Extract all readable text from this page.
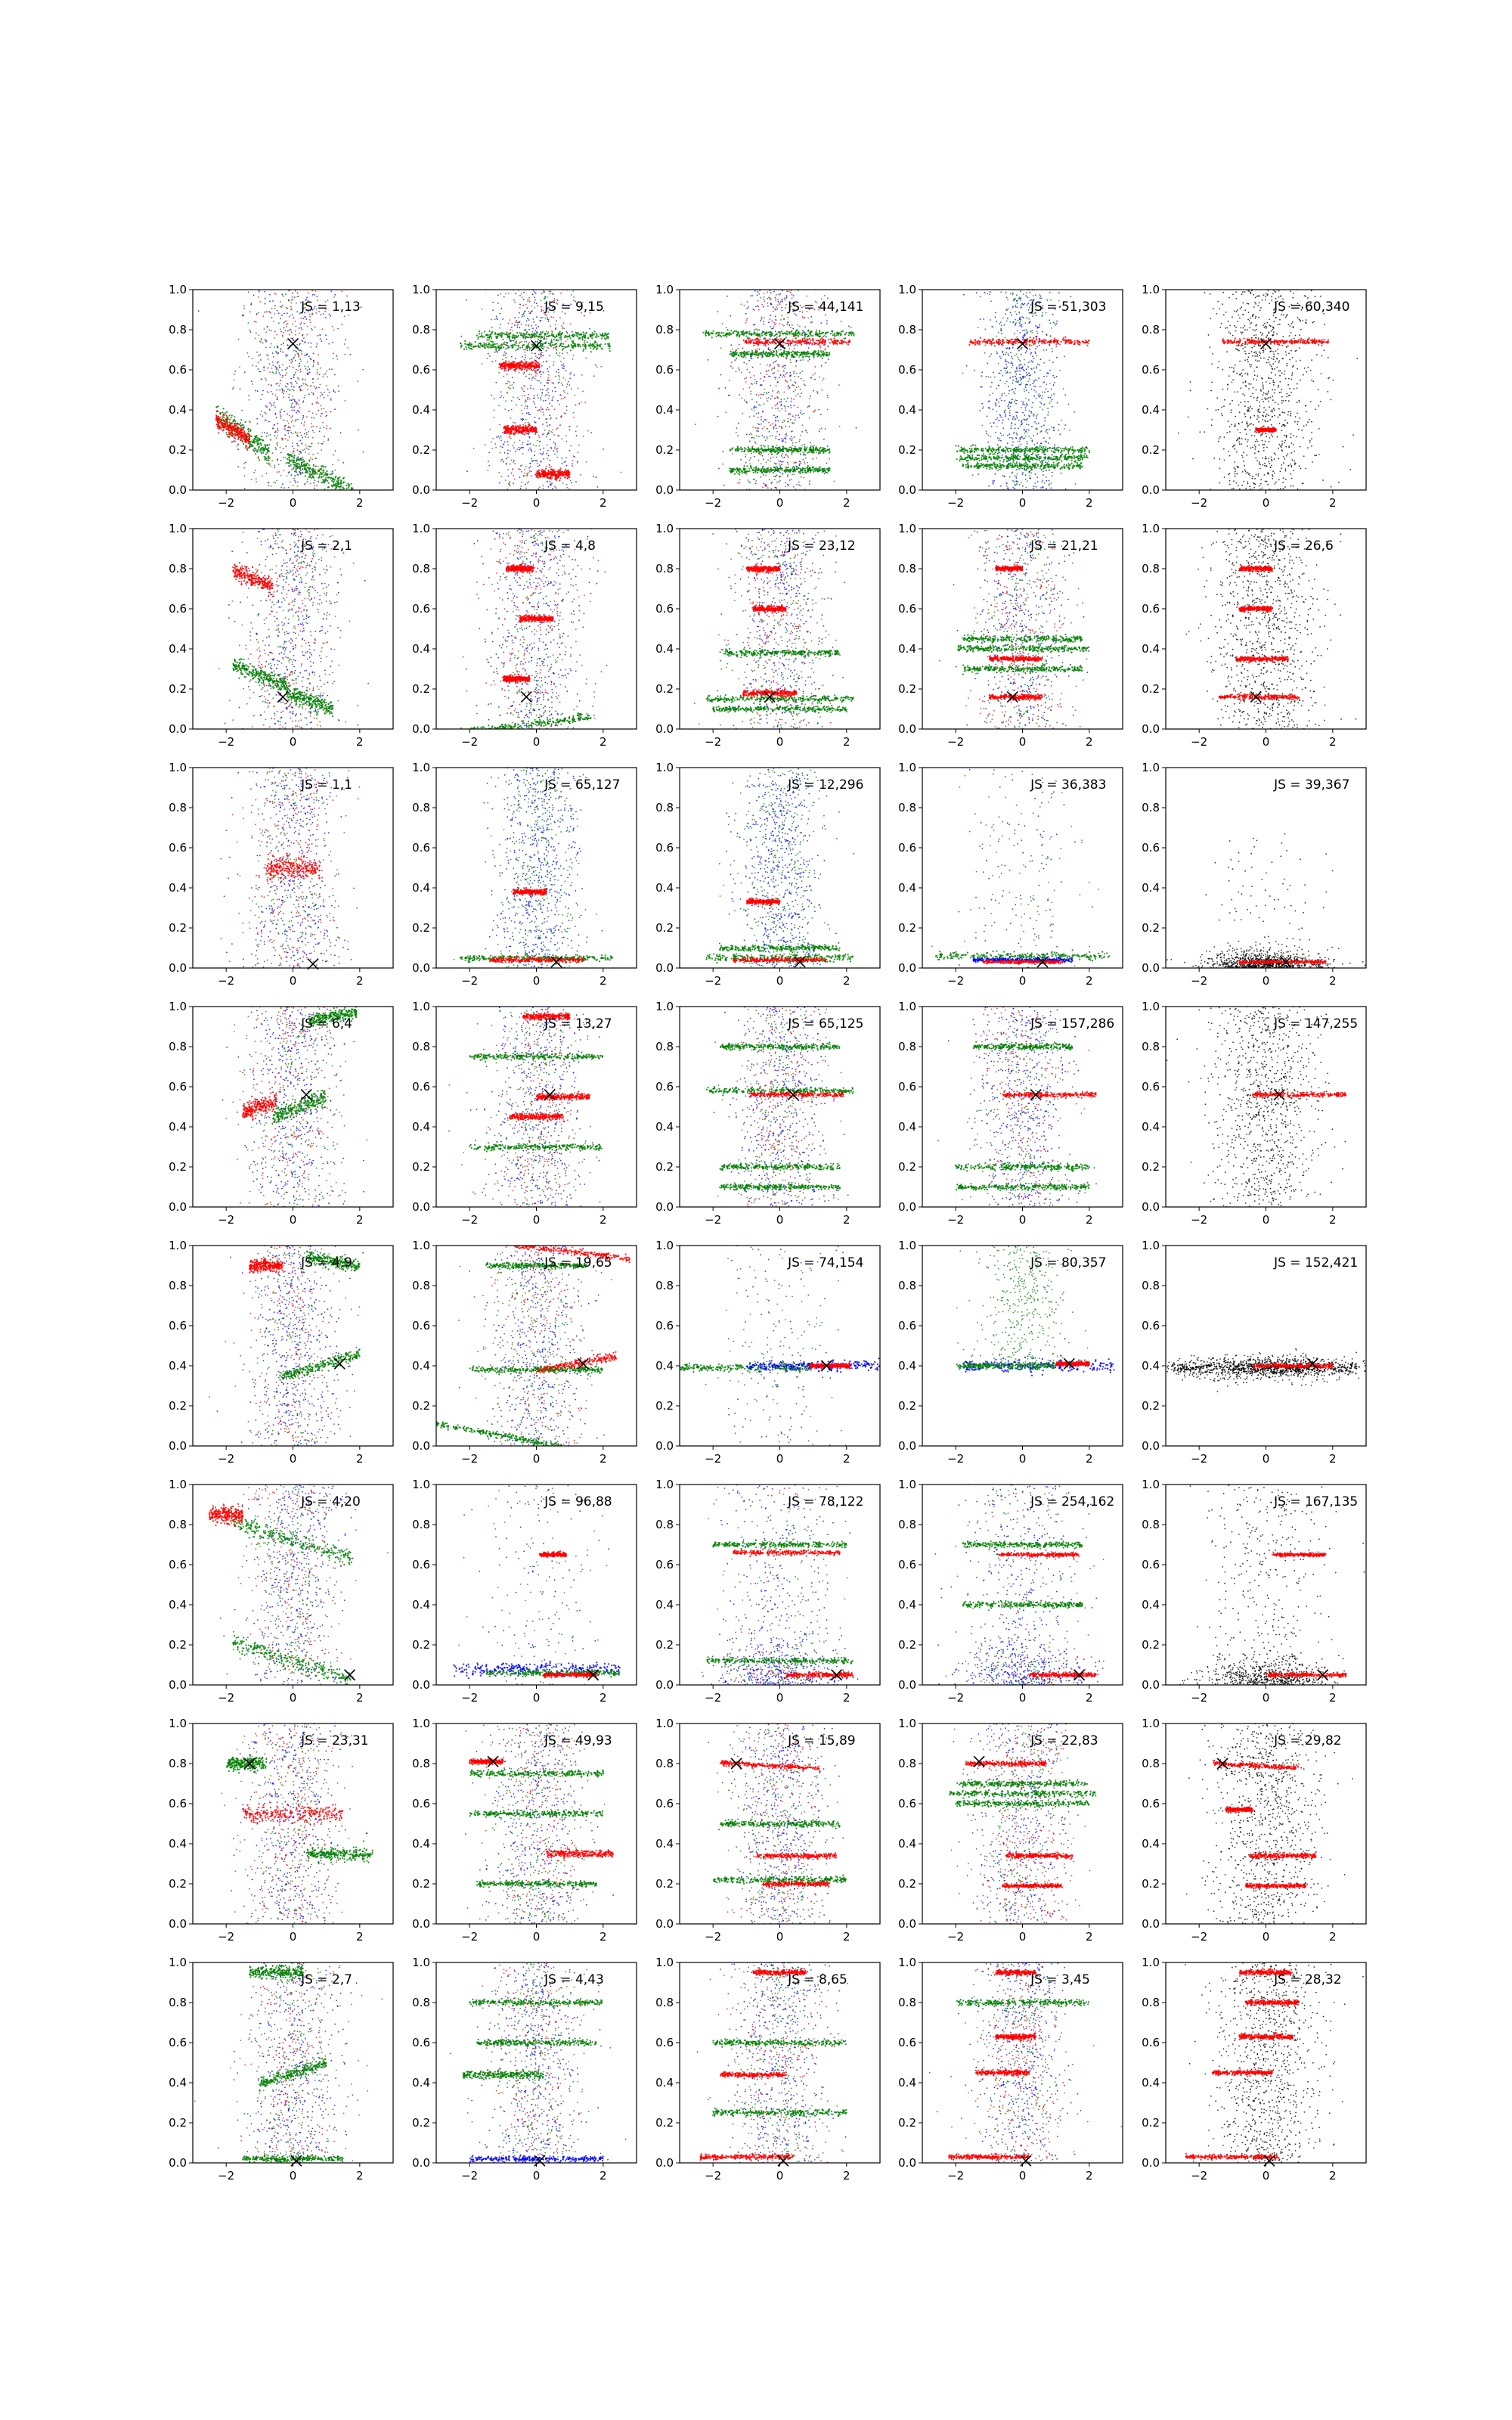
0.0
0.2
0.4
0.6
0.8
1.0
−2	0	2
JS = 1,13
0.0
0.2
0.4
0.6
0.8
1.0
−2	0	2
JS = 9,15
0.0
0.2
0.4
0.6
0.8
1.0
−2	0	2
JS = 44,141
0.0
0.2
0.4
0.6
0.8
1.0
−2	0	2
JS = 51,303
0.0
0.2
0.4
0.6
0.8
1.0
−2	0	2
JS = 60,340
0.0
0.2
0.4
0.6
0.8
1.0
−2	0	2
JS = 2,1
0.0
0.2
0.4
0.6
0.8
1.0
−2	0	2
JS = 4,8
0.0
0.2
0.4
0.6
0.8
1.0
−2	0	2
JS = 23,12
0.0
0.2
0.4
0.6
0.8
1.0
−2	0	2
JS = 21,21
0.0
0.2
0.4
0.6
0.8
1.0
−2	0	2
JS = 26,6
0.0
0.2
0.4
0.6
0.8
1.0
−2	0	2
JS = 1,1
0.0
0.2
0.4
0.6
0.8
1.0
−2	0	2
JS = 65,127
0.0
0.2
0.4
0.6
0.8
1.0
−2	0	2
JS = 12,296
0.0
0.2
0.4
0.6
0.8
1.0
−2	0	2
JS = 36,383
0.0
0.2
0.4
0.6
0.8
1.0
−2	0	2
JS = 39,367
0.0
0.2
0.4
0.6
0.8
1.0
−2	0	2
JS = 6,4
0.0
0.2
0.4
0.6
0.8
1.0
−2	0	2
JS = 13,27
0.0
0.2
0.4
0.6
0.8
1.0
−2	0	2
JS = 65,125
0.0
0.2
0.4
0.6
0.8
1.0
−2	0	2
JS = 157,286
0.0
0.2
0.4
0.6
0.8
1.0
−2	0	2
JS = 147,255
0.0
0.2
0.4
0.6
0.8
1.0
−2	0	2
JS = 4,9
0.0
0.2
0.4
0.6
0.8
1.0
−2	0	2
JS = 19,65
0.0
0.2
0.4
0.6
0.8
1.0
−2	0	2
JS = 74,154
0.0
0.2
0.4
0.6
0.8
1.0
−2	0	2
JS = 80,357
0.0
0.2
0.4
0.6
0.8
1.0
−2	0	2
JS = 152,421
0.0
0.2
0.4
0.6
0.8
1.0
−2	0	2
JS = 4,20
0.0
0.2
0.4
0.6
0.8
1.0
−2	0	2
JS = 96,88
0.0
0.2
0.4
0.6
0.8
1.0
−2	0	2
JS = 78,122
0.0
0.2
0.4
0.6
0.8
1.0
−2	0	2
JS = 254,162
0.0
0.2
0.4
0.6
0.8
1.0
−2	0	2
JS = 167,135
0.0
0.2
0.4
0.6
0.8
1.0
−2	0	2
JS = 23,31
0.0
0.2
0.4
0.6
0.8
1.0
−2	0	2
JS = 49,93
0.0
0.2
0.4
0.6
0.8
1.0
−2	0	2
JS = 15,89
0.0
0.2
0.4
0.6
0.8
1.0
−2	0	2
JS = 22,83
0.0
0.2
0.4
0.6
0.8
1.0
−2	0	2
JS = 29,82
0.0
0.2
0.4
0.6
0.8
1.0
−2	0	2
JS = 2,7
0.0
0.2
0.4
0.6
0.8
1.0
−2	0	2
JS = 4,43
0.0
0.2
0.4
0.6
0.8
1.0
−2	0	2
JS = 8,65
0.0
0.2
0.4
0.6
0.8
1.0
−2	0	2
JS = 3,45
0.0
0.2
0.4
0.6
0.8
1.0
−2	0	2
JS = 28,32
